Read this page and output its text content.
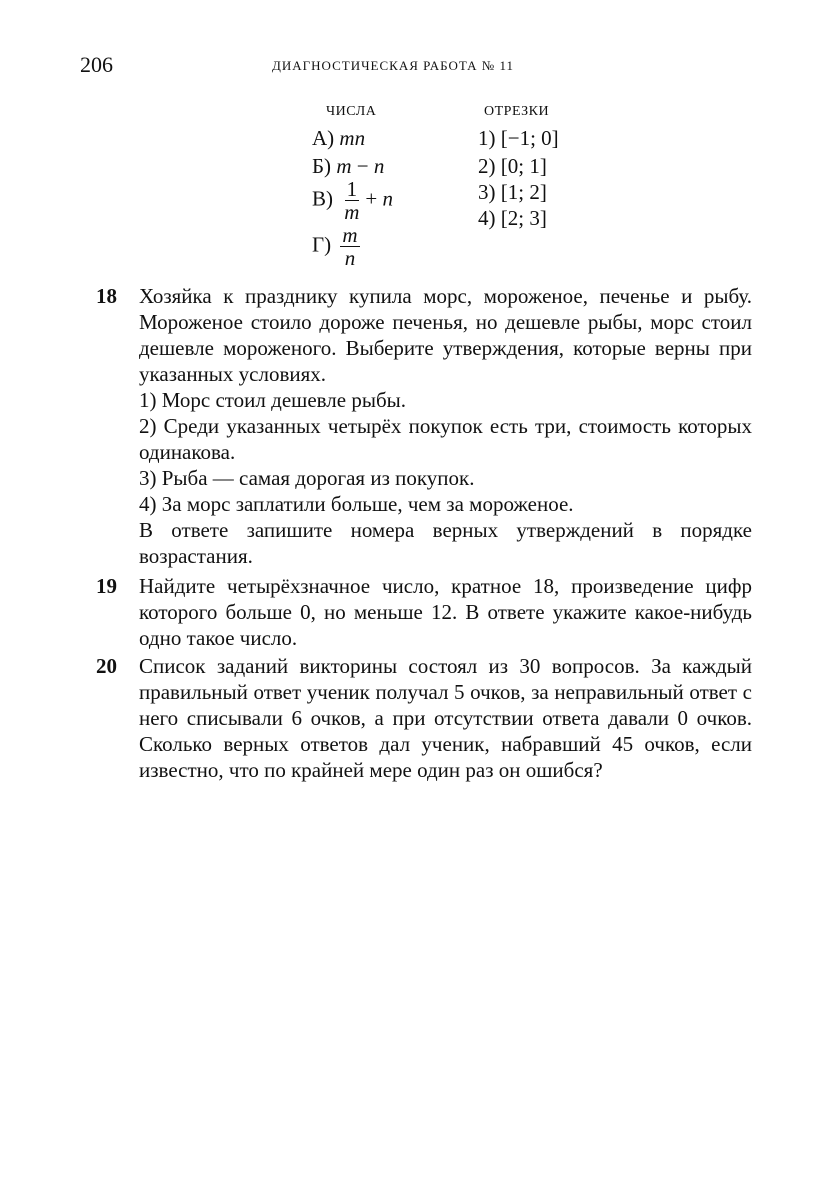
206	ДИАГНОСТИЧЕСКАЯ РАБОТА № 11
ЧИСЛА	ОТРЕЗКИ
А) mn
Б) m − n
$В) \frac{1}{m} + n$
$Г) \frac{m}{n}$
1) [−1; 0]
2) [0; 1]
3) [1; 2]
4) [2; 3]
18 Хозяйка к празднику купила морс, мороженое, печенье и рыбу. Мороженое стоило дороже печенья, но дешевле рыбы, морс стоил дешевле мороженого. Выберите утверждения, которые верны при указанных условиях.

1) Морс стоил дешевле рыбы.

2) Среди указанных четырёх покупок есть три, стоимость которых одинакова.

3) Рыба — самая дорогая из покупок.

4) За морс заплатили больше, чем за мороженое.

В ответе запишите номера верных утверждений в порядке возрастания.

19 Найдите четырёхзначное число, кратное 18, произведение цифр которого больше 0, но меньше 12. В ответе укажите какое-нибудь одно такое число.

20 Список заданий викторины состоял из 30 вопросов. За каждый правильный ответ ученик получал 5 очков, за неправильный ответ с него списывали 6 очков, а при отсутствии ответа давали 0 очков. Сколько верных ответов дал ученик, набравший 45 очков, если известно, что по крайней мере один раз он ошибся?
